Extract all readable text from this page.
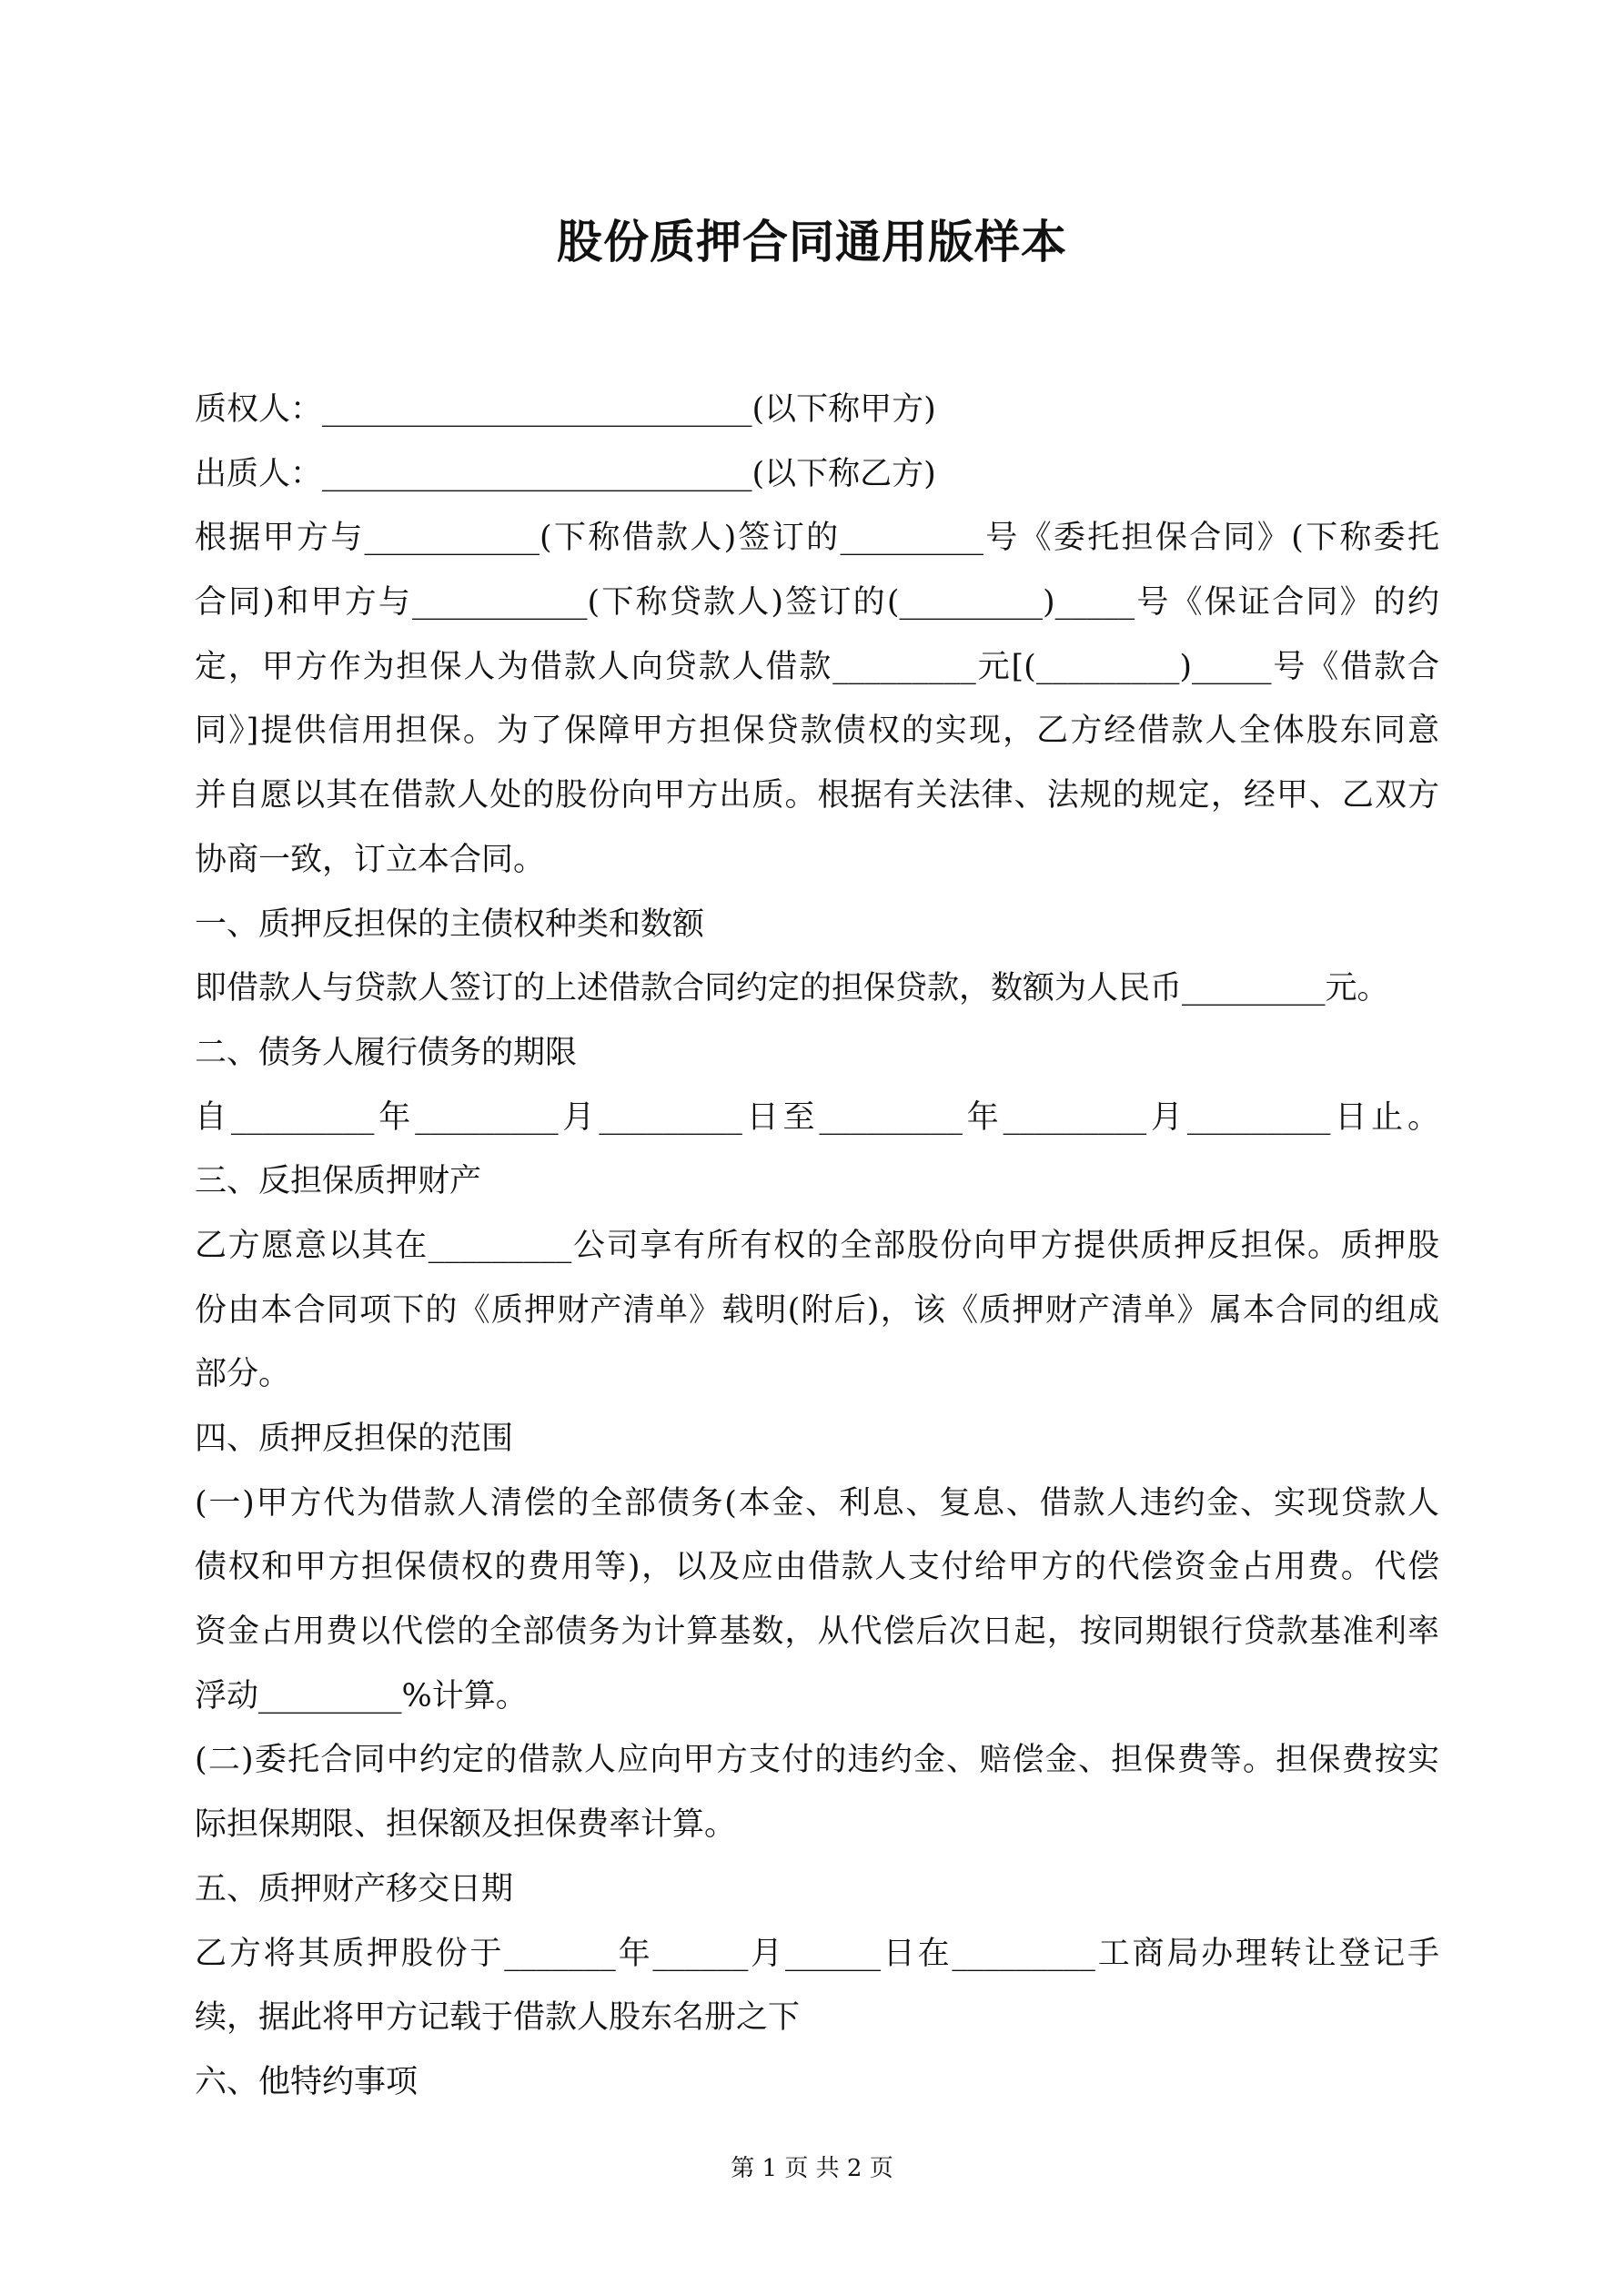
股份质押合同通用版样本
质权人：___________________________(以下称甲方)
出质人：___________________________(以下称乙方)
根据甲方与___________(下称借款人)签订的_________号《委托担保合同》(下称委托
合同)和甲方与___________(下称贷款人)签订的(_________)_____号《保证合同》的约
定，甲方作为担保人为借款人向贷款人借款_________元[(_________)_____号《借款合
同》]提供信用担保。为了保障甲方担保贷款债权的实现，乙方经借款人全体股东同意
并自愿以其在借款人处的股份向甲方出质。根据有关法律、法规的规定，经甲、乙双方
协商一致，订立本合同。
一、质押反担保的主债权种类和数额
即借款人与贷款人签订的上述借款合同约定的担保贷款，数额为人民币_________元。
二、债务人履行债务的期限
自_________年_________月_________日至_________年_________月_________日止。
三、反担保质押财产
乙方愿意以其在_________公司享有所有权的全部股份向甲方提供质押反担保。质押股
份由本合同项下的《质押财产清单》载明(附后)，该《质押财产清单》属本合同的组成
部分。
四、质押反担保的范围
(一)甲方代为借款人清偿的全部债务(本金、利息、复息、借款人违约金、实现贷款人
债权和甲方担保债权的费用等)，以及应由借款人支付给甲方的代偿资金占用费。代偿
资金占用费以代偿的全部债务为计算基数，从代偿后次日起，按同期银行贷款基准利率
浮动_________%计算。
(二)委托合同中约定的借款人应向甲方支付的违约金、赔偿金、担保费等。担保费按实
际担保期限、担保额及担保费率计算。
五、质押财产移交日期
乙方将其质押股份于_______年______月______日在_________工商局办理转让登记手
续，据此将甲方记载于借款人股东名册之下
六、他特约事项
第 1 页 共 2 页
